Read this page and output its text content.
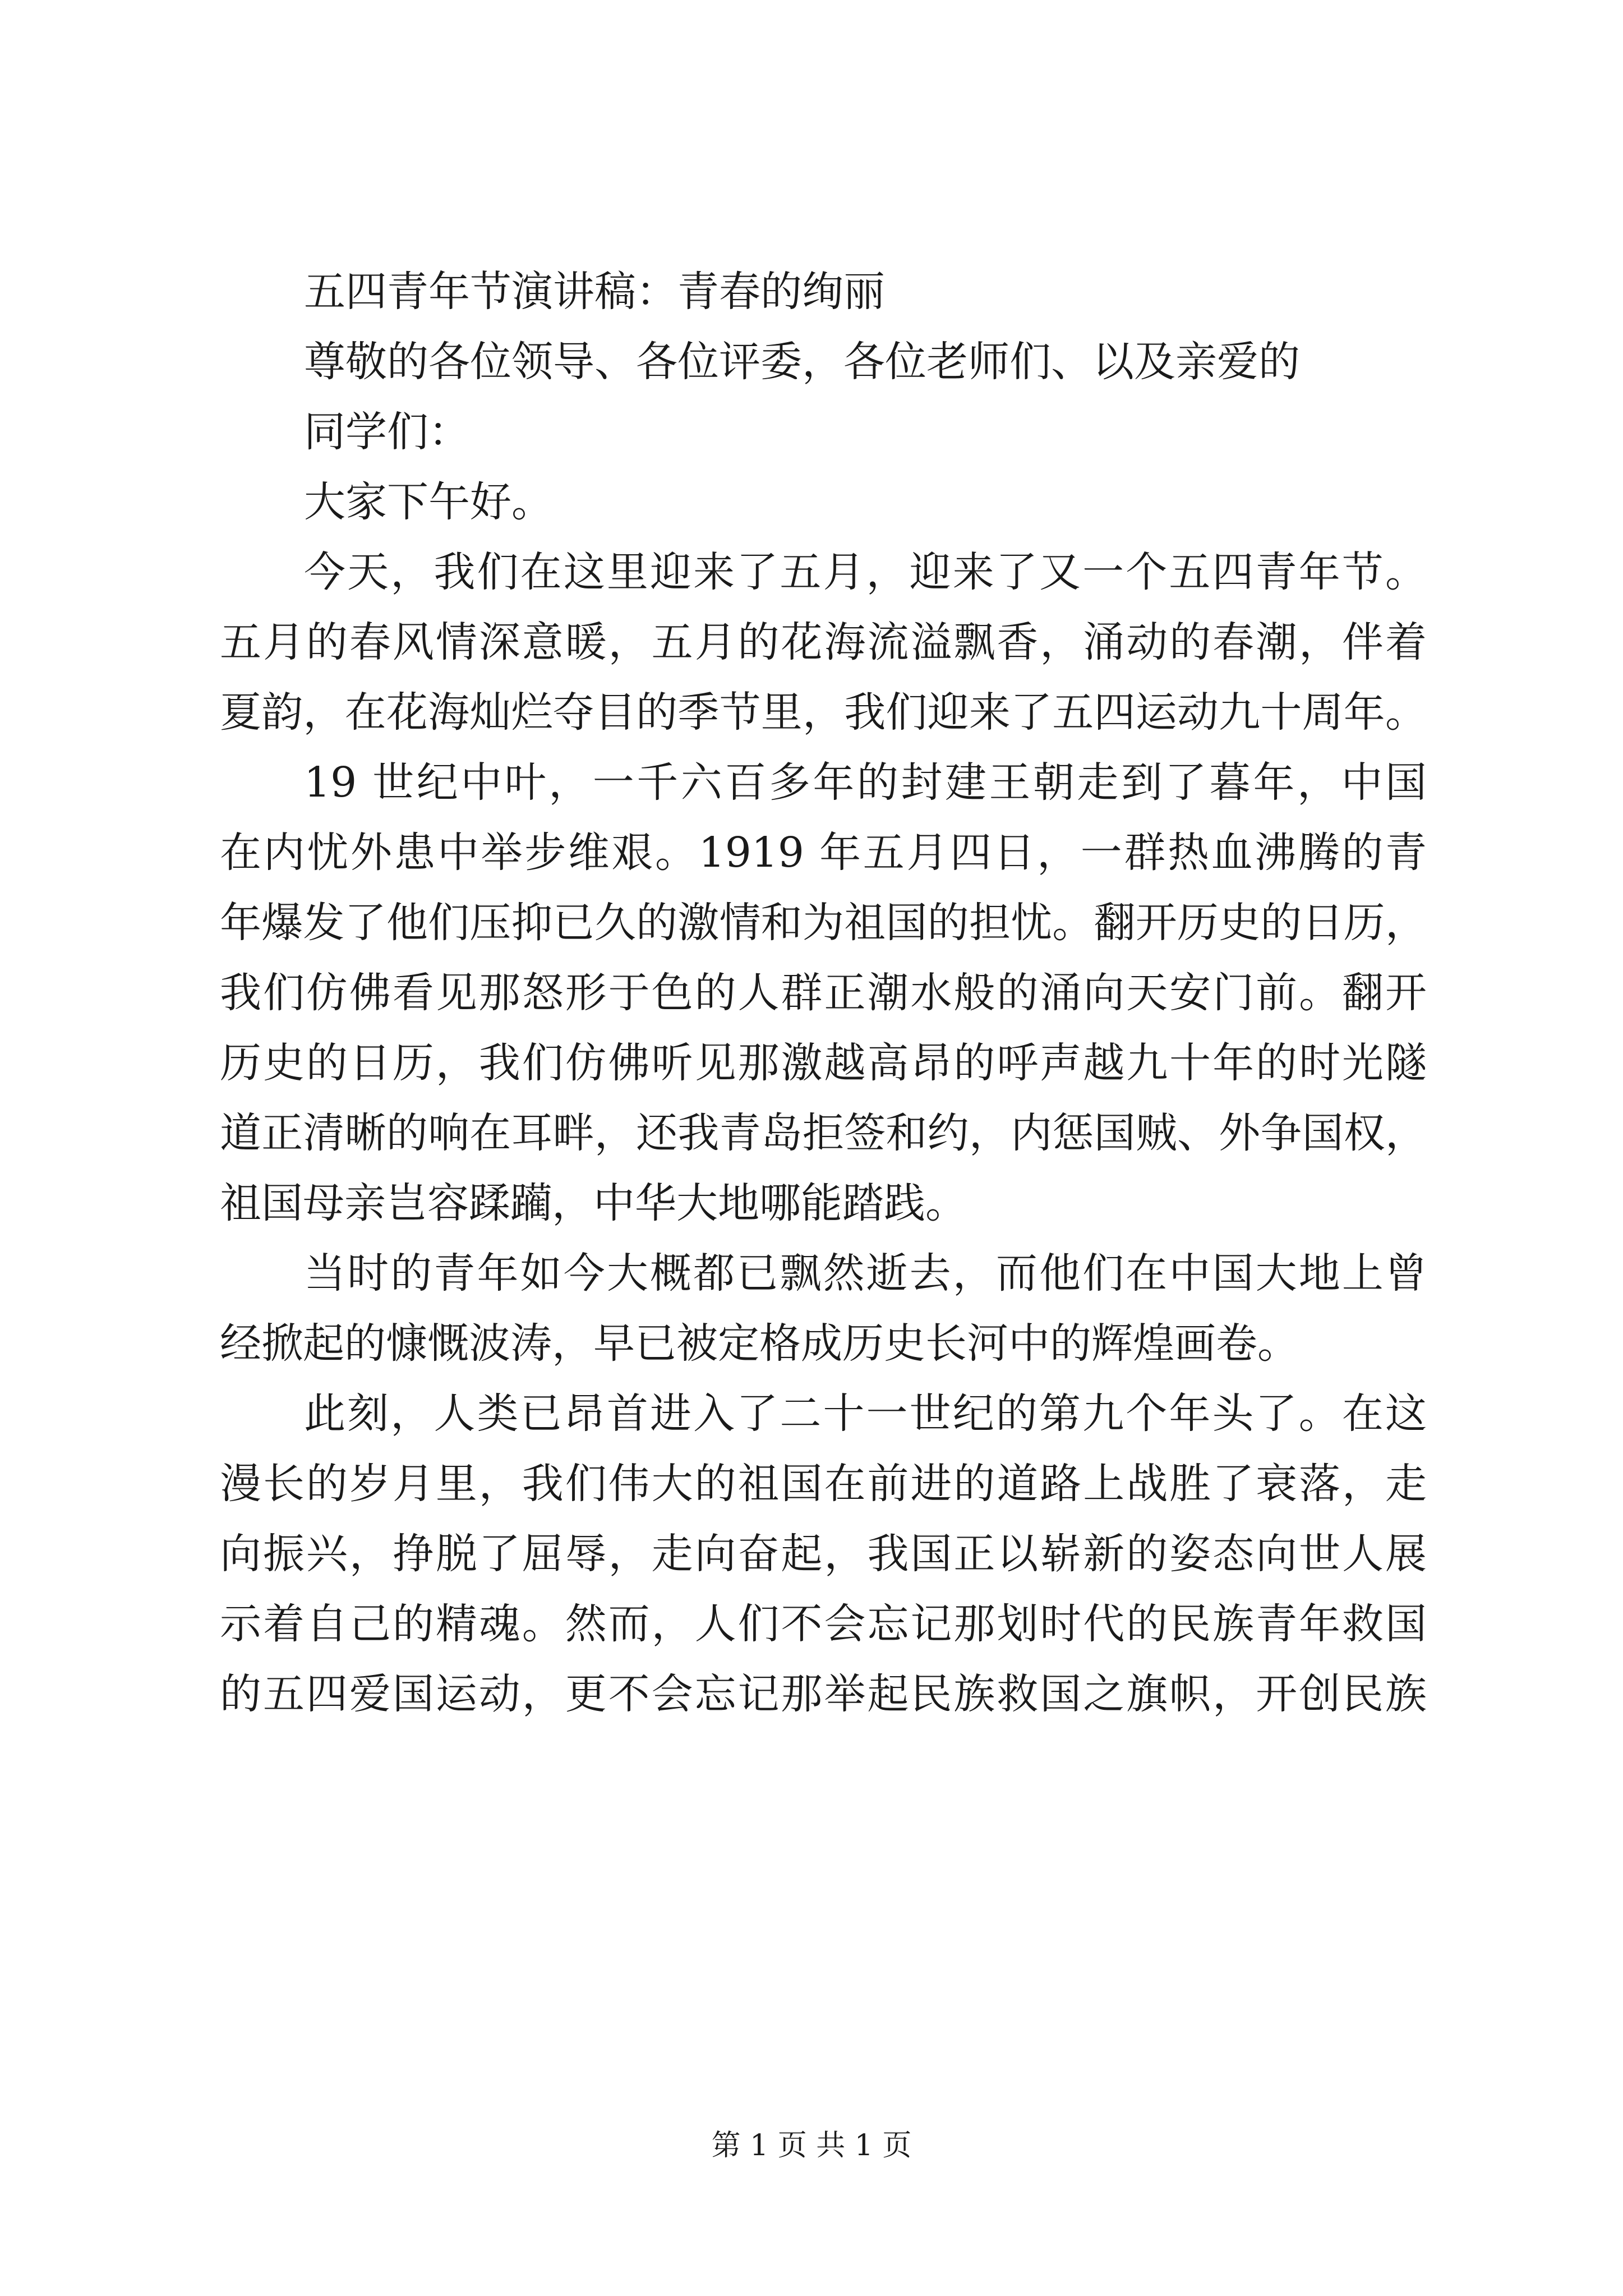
五四青年节演讲稿：青春的绚丽
尊敬的各位领导、各位评委，各位老师们、以及亲爱的
同学们：
大家下午好。
今天，我们在这里迎来了五月，迎来了又一个五四青年节。
五月的春风情深意暖，五月的花海流溢飘香，涌动的春潮，伴着
夏韵，在花海灿烂夺目的季节里，我们迎来了五四运动九十周年。
19 世纪中叶，一千六百多年的封建王朝走到了暮年，中国
在内忧外患中举步维艰。1919 年五月四日，一群热血沸腾的青
年爆发了他们压抑已久的激情和为祖国的担忧。翻开历史的日历，
我们仿佛看见那怒形于色的人群正潮水般的涌向天安门前。翻开
历史的日历，我们仿佛听见那激越高昂的呼声越九十年的时光隧
道正清晰的响在耳畔，还我青岛拒签和约，内惩国贼、外争国权，
祖国母亲岂容蹂躏，中华大地哪能踏践。
当时的青年如今大概都已飘然逝去，而他们在中国大地上曾
经掀起的慷慨波涛，早已被定格成历史长河中的辉煌画卷。
此刻，人类已昂首进入了二十一世纪的第九个年头了。在这
漫长的岁月里，我们伟大的祖国在前进的道路上战胜了衰落，走
向振兴，挣脱了屈辱，走向奋起，我国正以崭新的姿态向世人展
示着自己的精魂。然而，人们不会忘记那划时代的民族青年救国
的五四爱国运动，更不会忘记那举起民族救国之旗帜，开创民族
第 1 页 共 1 页
